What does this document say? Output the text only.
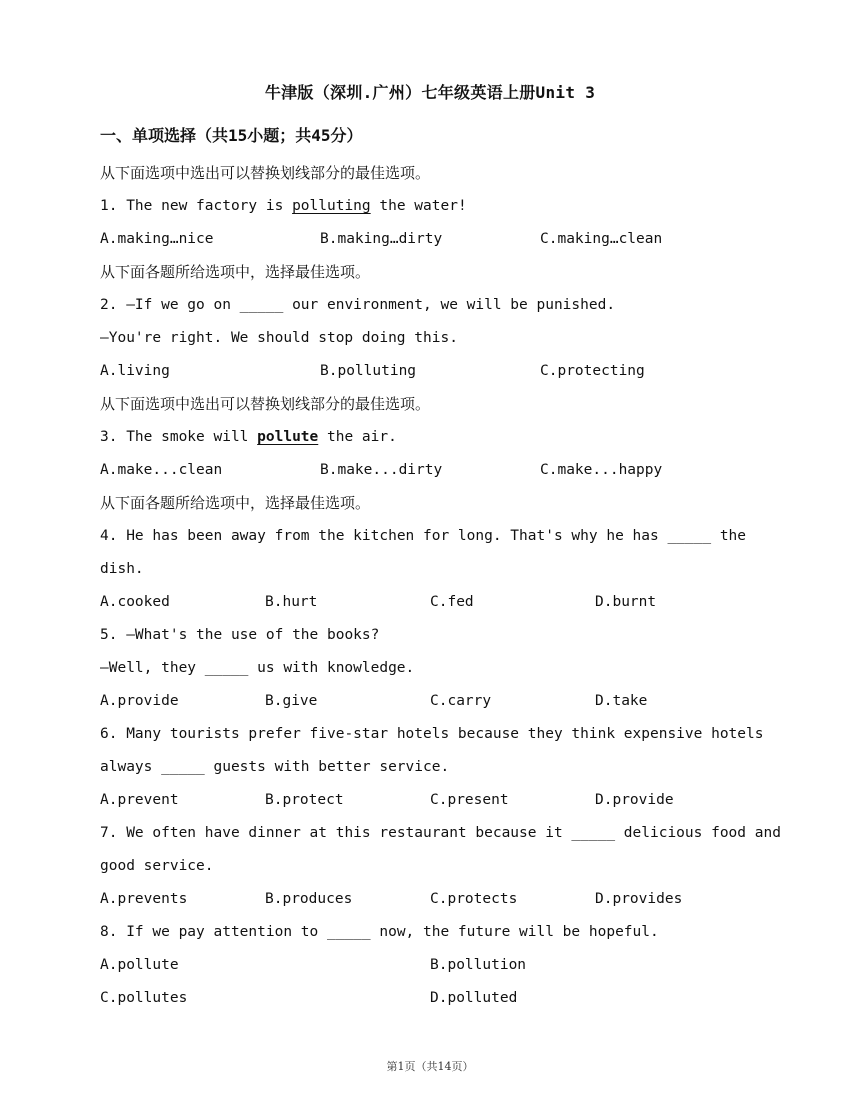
牛津版（深圳.广州）七年级英语上册Unit 3
一、单项选择（共15小题；共45分）
从下面选项中选出可以替换划线部分的最佳选项。
1. The new factory is polluting the water!
A.making…nice	B.making…dirty	C.making…clean
从下面各题所给选项中，选择最佳选项。
2. —If we go on _____ our environment, we will be punished.
—You're right. We should stop doing this.
A.living	B.polluting	C.protecting
从下面选项中选出可以替换划线部分的最佳选项。
3. The smoke will pollute the air.
A.make...clean	B.make...dirty	C.make...happy
从下面各题所给选项中，选择最佳选项。
4. He has been away from the kitchen for long. That's why he has _____ the
dish.
A.cooked	B.hurt	C.fed	D.burnt
5. —What's the use of the books?
—Well, they _____ us with knowledge.
A.provide	B.give	C.carry	D.take
6. Many tourists prefer five-star hotels because they think expensive hotels
always _____ guests with better service.
A.prevent	B.protect	C.present	D.provide
7. We often have dinner at this restaurant because it _____ delicious food and
good service.
A.prevents	B.produces	C.protects	D.provides
8. If we pay attention to _____ now, the future will be hopeful.
A.pollute	B.pollution
C.pollutes	D.polluted
第1页（共14页）
